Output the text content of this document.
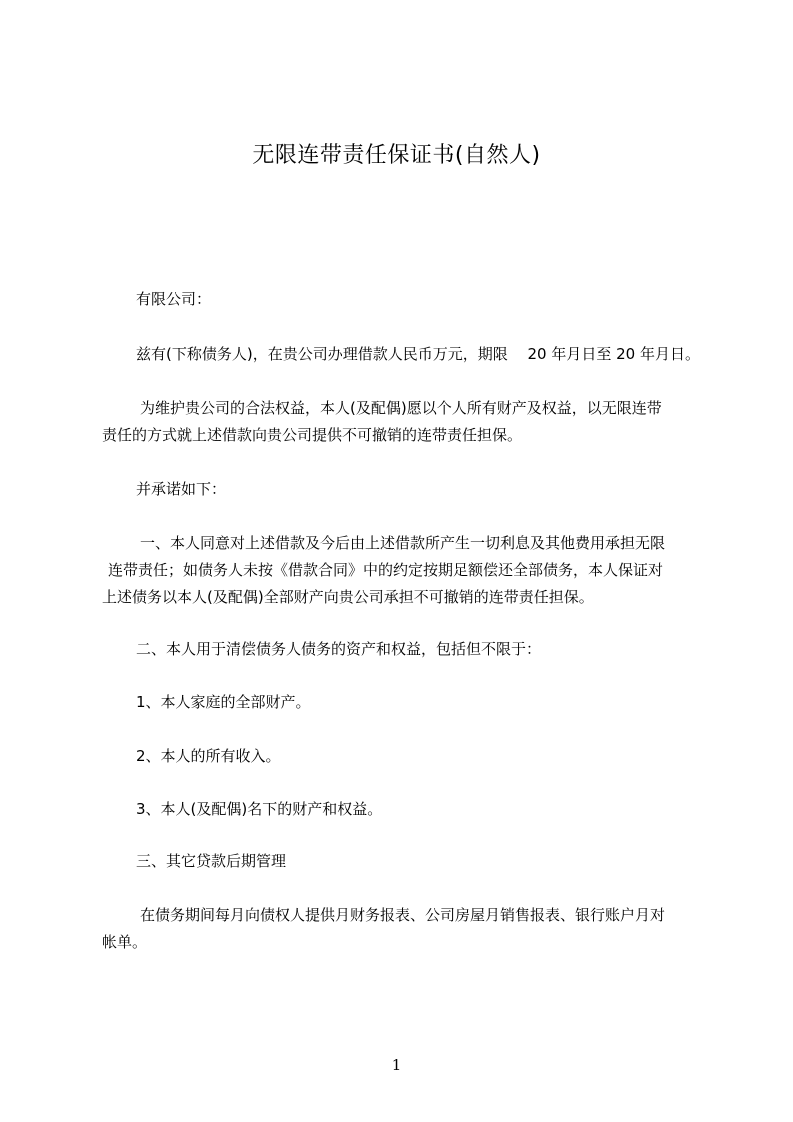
无限连带责任保证书(自然人)

有限公司：

兹有(下称债务人)，在贵公司办理借款人民币万元，期限　 20 年月日至 20 年月日。

为维护贵公司的合法权益，本人(及配偶)愿以个人所有财产及权益，以无限连带
责任的方式就上述借款向贵公司提供不可撤销的连带责任担保。

并承诺如下：

一、本人同意对上述借款及今后由上述借款所产生一切利息及其他费用承担无限
连带责任；如债务人未按《借款合同》中的约定按期足额偿还全部债务，本人保证对
上述债务以本人(及配偶)全部财产向贵公司承担不可撤销的连带责任担保。

二、本人用于清偿债务人债务的资产和权益，包括但不限于：

1、本人家庭的全部财产。

2、本人的所有收入。

3、本人(及配偶)名下的财产和权益。

三、其它贷款后期管理

在债务期间每月向债权人提供月财务报表、公司房屋月销售报表、银行账户月对
帐单。
1
